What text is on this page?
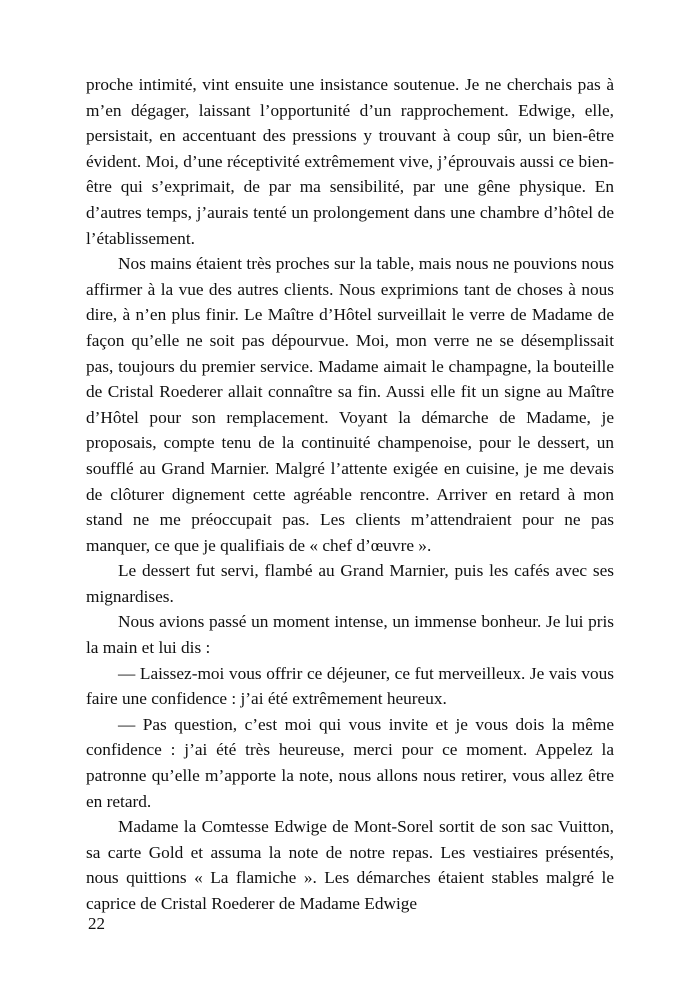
proche intimité, vint ensuite une insistance soutenue. Je ne cherchais pas à m’en dégager, laissant l’opportunité d’un rapprochement. Edwige, elle, persistait, en accentuant des pressions y trouvant à coup sûr, un bien-être évident. Moi, d’une réceptivité extrêmement vive, j’éprouvais aussi ce bien-être qui s’exprimait, de par ma sensibilité, par une gêne physique. En d’autres temps, j’aurais tenté un prolongement dans une chambre d’hôtel de l’établissement.

Nos mains étaient très proches sur la table, mais nous ne pouvions nous affirmer à la vue des autres clients. Nous exprimions tant de choses à nous dire, à n’en plus finir. Le Maître d’Hôtel surveillait le verre de Madame de façon qu’elle ne soit pas dépourvue. Moi, mon verre ne se désemplissait pas, toujours du premier service. Madame aimait le champagne, la bouteille de Cristal Roederer allait connaître sa fin. Aussi elle fit un signe au Maître d’Hôtel pour son remplacement. Voyant la démarche de Madame, je proposais, compte tenu de la continuité champenoise, pour le dessert, un soufflé au Grand Marnier. Malgré l’attente exigée en cuisine, je me devais de clôturer dignement cette agréable rencontre. Arriver en retard à mon stand ne me préoccupait pas. Les clients m’attendraient pour ne pas manquer, ce que je qualifiais de « chef d’œuvre ».

Le dessert fut servi, flambé au Grand Marnier, puis les cafés avec ses mignardises.

Nous avions passé un moment intense, un immense bonheur. Je lui pris la main et lui dis :

— Laissez-moi vous offrir ce déjeuner, ce fut merveilleux. Je vais vous faire une confidence : j’ai été extrêmement heureux.

— Pas question, c’est moi qui vous invite et je vous dois la même confidence : j’ai été très heureuse, merci pour ce moment. Appelez la patronne qu’elle m’apporte la note, nous allons nous retirer, vous allez être en retard.

Madame la Comtesse Edwige de Mont-Sorel sortit de son sac Vuitton, sa carte Gold et assuma la note de notre repas. Les vestiaires présentés, nous quittions « La flamiche ». Les démarches étaient stables malgré le caprice de Cristal Roederer de Madame Edwige

22
